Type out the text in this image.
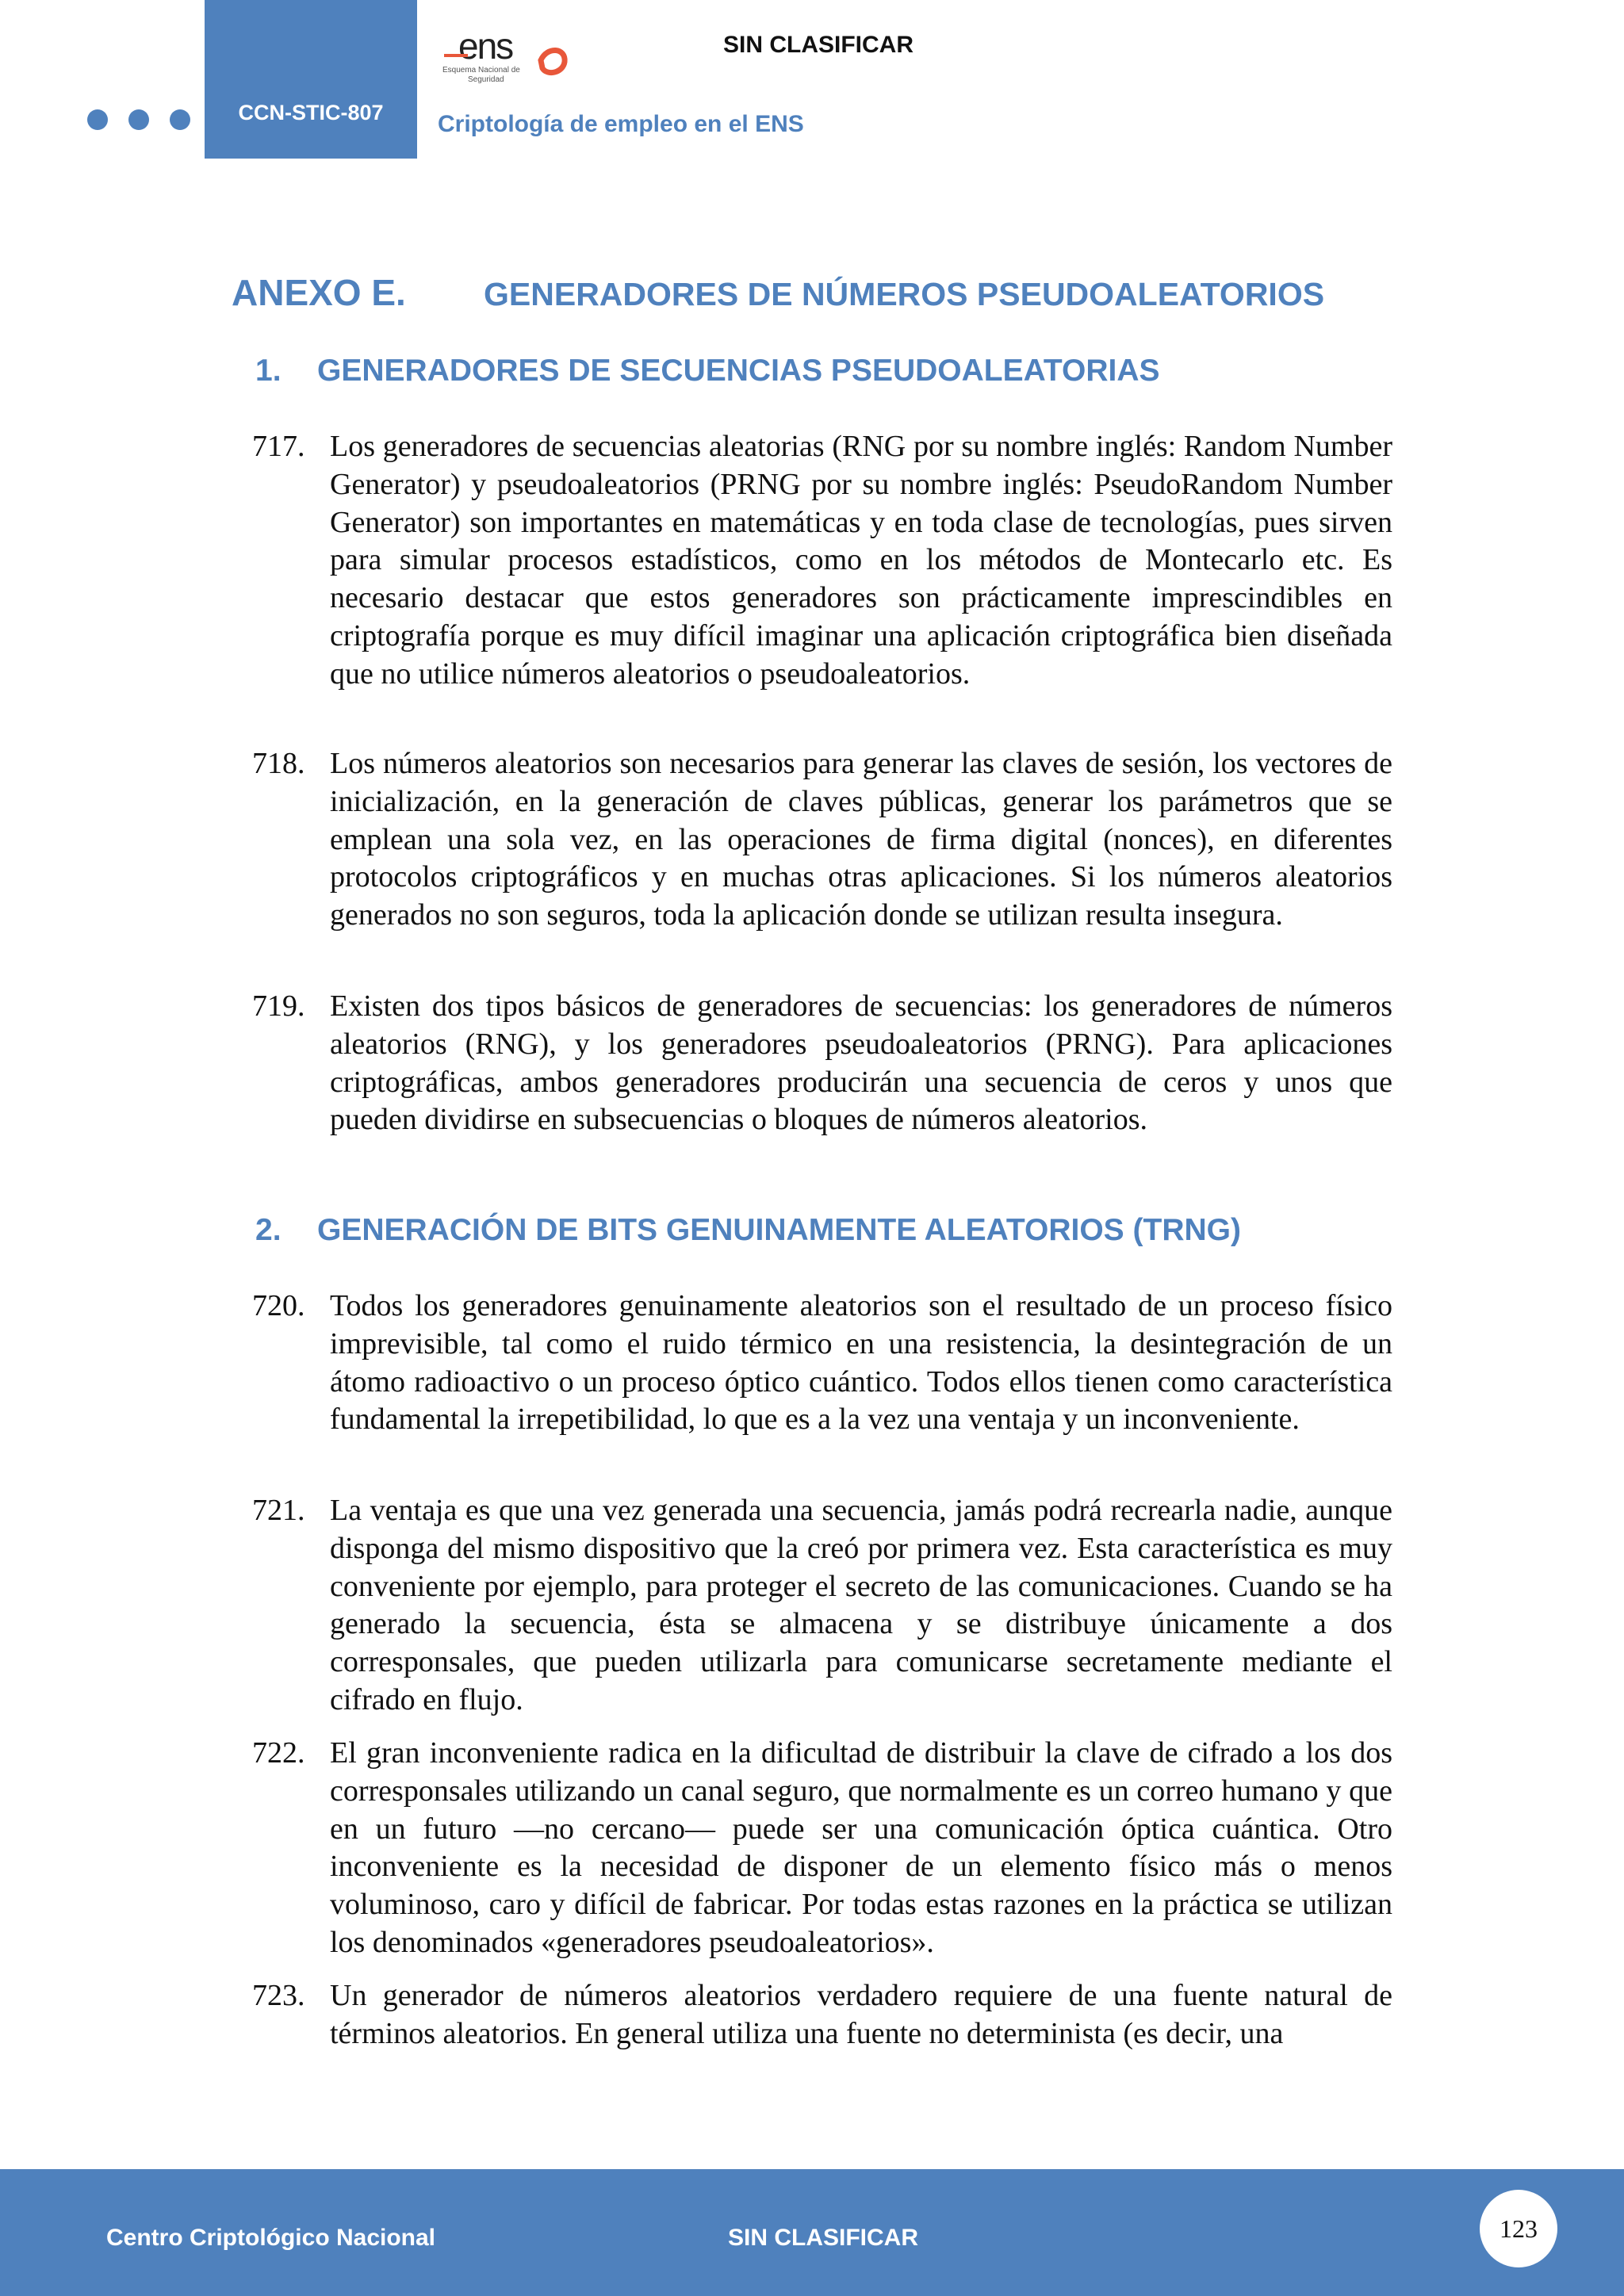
CCN-STIC-807
ens
Esquema Nacional de
Seguridad
SIN CLASIFICAR
Criptología de empleo en el ENS
ANEXO E.	GENERADORES DE NÚMEROS PSEUDOALEATORIOS
1.	GENERADORES DE SECUENCIAS PSEUDOALEATORIAS
717. Los generadores de secuencias aleatorias (RNG por su nombre inglés: Random Number Generator) y pseudoaleatorios (PRNG por su nombre inglés: PseudoRandom Number Generator) son importantes en matemáticas y en toda clase de tecnologías, pues sirven para simular procesos estadísticos, como en los métodos de Montecarlo etc. Es necesario destacar que estos generadores son prácticamente imprescindibles en criptografía porque es muy difícil imaginar una aplicación criptográfica bien diseñada que no utilice números aleatorios o pseudoaleatorios.
718. Los números aleatorios son necesarios para generar las claves de sesión, los vectores de inicialización, en la generación de claves públicas, generar los parámetros que se emplean una sola vez, en las operaciones de firma digital (nonces), en diferentes protocolos criptográficos y en muchas otras aplicaciones. Si los números aleatorios generados no son seguros, toda la aplicación donde se utilizan resulta insegura.
719. Existen dos tipos básicos de generadores de secuencias: los generadores de números aleatorios (RNG), y los generadores pseudoaleatorios (PRNG). Para aplicaciones criptográficas, ambos generadores producirán una secuencia de ceros y unos que pueden dividirse en subsecuencias o bloques de números aleatorios.
2.	GENERACIÓN DE BITS GENUINAMENTE ALEATORIOS (TRNG)
720. Todos los generadores genuinamente aleatorios son el resultado de un proceso físico imprevisible, tal como el ruido térmico en una resistencia, la desintegración de un átomo radioactivo o un proceso óptico cuántico. Todos ellos tienen como característica fundamental la irrepetibilidad, lo que es a la vez una ventaja y un inconveniente.
721. La ventaja es que una vez generada una secuencia, jamás podrá recrearla nadie, aunque disponga del mismo dispositivo que la creó por primera vez. Esta característica es muy conveniente por ejemplo, para proteger el secreto de las comunicaciones. Cuando se ha generado la secuencia, ésta se almacena y se distribuye únicamente a dos corresponsales, que pueden utilizarla para comunicarse secretamente mediante el cifrado en flujo.
722. El gran inconveniente radica en la dificultad de distribuir la clave de cifrado a los dos corresponsales utilizando un canal seguro, que normalmente es un correo humano y que en un futuro —no cercano— puede ser una comunicación óptica cuántica. Otro inconveniente es la necesidad de disponer de un elemento físico más o menos voluminoso, caro y difícil de fabricar. Por todas estas razones en la práctica se utilizan los denominados «generadores pseudoaleatorios».
723. Un generador de números aleatorios verdadero requiere de una fuente natural de términos aleatorios. En general utiliza una fuente no determinista (es decir, una
Centro Criptológico Nacional	SIN CLASIFICAR	123
